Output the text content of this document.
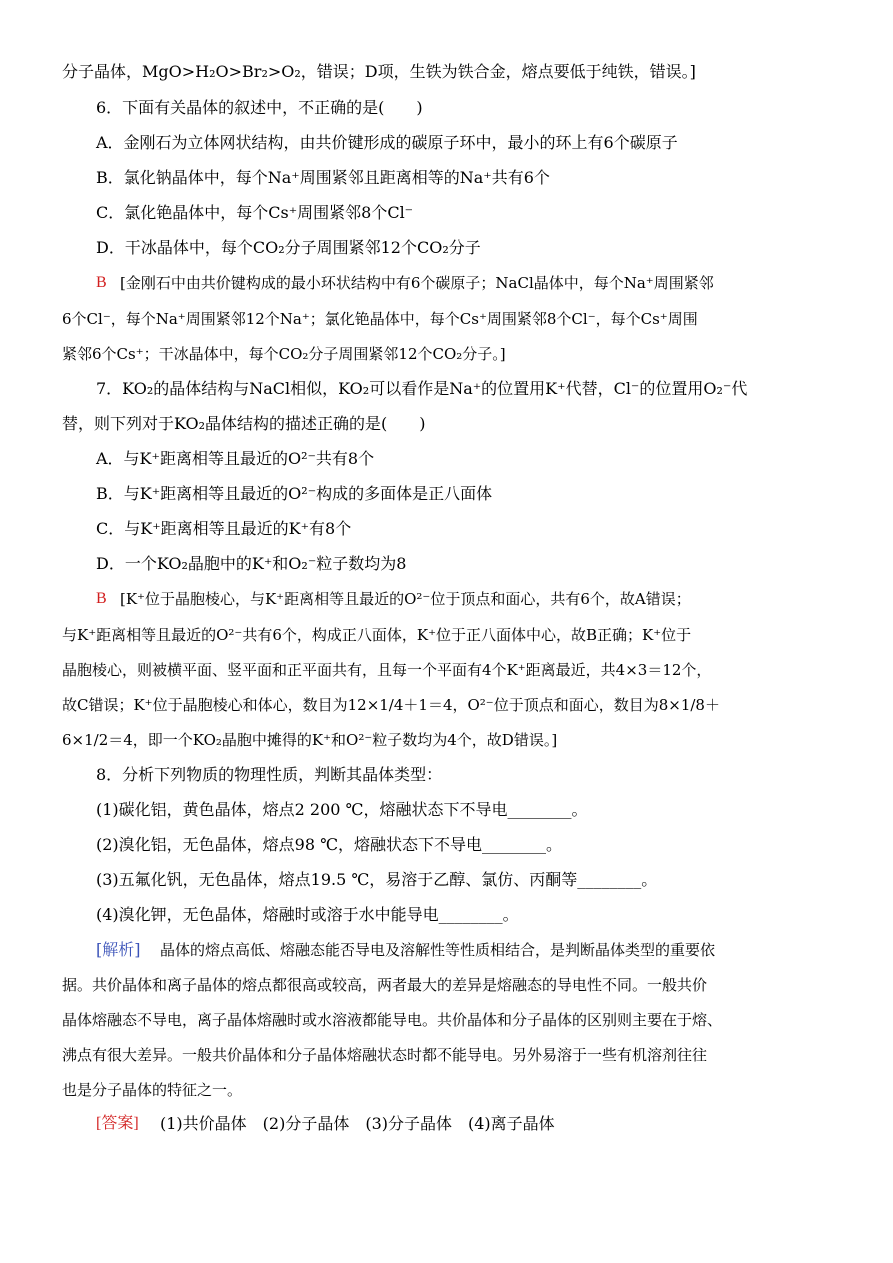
分子晶体，MgO>H₂O>Br₂>O₂，错误；D项，生铁为铁合金，熔点要低于纯铁，错误。]
6．下面有关晶体的叙述中，不正确的是(　　)
A．金刚石为立体网状结构，由共价键形成的碳原子环中，最小的环上有6个碳原子
B．氯化钠晶体中，每个Na⁺周围紧邻且距离相等的Na⁺共有6个
C．氯化铯晶体中，每个Cs⁺周围紧邻8个Cl⁻
D．干冰晶体中，每个CO₂分子周围紧邻12个CO₂分子
B [金刚石中由共价键构成的最小环状结构中有6个碳原子；NaCl晶体中，每个Na⁺周围紧邻
6个Cl⁻，每个Na⁺周围紧邻12个Na⁺；氯化铯晶体中，每个Cs⁺周围紧邻8个Cl⁻，每个Cs⁺周围
紧邻6个Cs⁺；干冰晶体中，每个CO₂分子周围紧邻12个CO₂分子。]
7．KO₂的晶体结构与NaCl相似，KO₂可以看作是Na⁺的位置用K⁺代替，Cl⁻的位置用O₂⁻代
替，则下列对于KO₂晶体结构的描述正确的是(　　)
A．与K⁺距离相等且最近的O²⁻共有8个
B．与K⁺距离相等且最近的O²⁻构成的多面体是正八面体
C．与K⁺距离相等且最近的K⁺有8个
D．一个KO₂晶胞中的K⁺和O₂⁻粒子数均为8
B [K⁺位于晶胞棱心，与K⁺距离相等且最近的O²⁻位于顶点和面心，共有6个，故A错误；
与K⁺距离相等且最近的O²⁻共有6个，构成正八面体，K⁺位于正八面体中心，故B正确；K⁺位于
晶胞棱心，则被横平面、竖平面和正平面共有，且每一个平面有4个K⁺距离最近，共4×3＝12个，
故C错误；K⁺位于晶胞棱心和体心，数目为12×1/4＋1＝4，O²⁻位于顶点和面心，数目为8×1/8＋
6×1/2＝4，即一个KO₂晶胞中摊得的K⁺和O²⁻粒子数均为4个，故D错误。]
8．分析下列物质的物理性质，判断其晶体类型：
(1)碳化铝，黄色晶体，熔点2 200 ℃，熔融状态下不导电________。
(2)溴化铝，无色晶体，熔点98 ℃，熔融状态下不导电________。
(3)五氟化钒，无色晶体，熔点19.5 ℃，易溶于乙醇、氯仿、丙酮等________。
(4)溴化钾，无色晶体，熔融时或溶于水中能导电________。
[解析]	晶体的熔点高低、熔融态能否导电及溶解性等性质相结合，是判断晶体类型的重要依
据。共价晶体和离子晶体的熔点都很高或较高，两者最大的差异是熔融态的导电性不同。一般共价
晶体熔融态不导电，离子晶体熔融时或水溶液都能导电。共价晶体和分子晶体的区别则主要在于熔、
沸点有很大差异。一般共价晶体和分子晶体熔融状态时都不能导电。另外易溶于一些有机溶剂往往
也是分子晶体的特征之一。
[答案]	(1)共价晶体　(2)分子晶体　(3)分子晶体　(4)离子晶体
